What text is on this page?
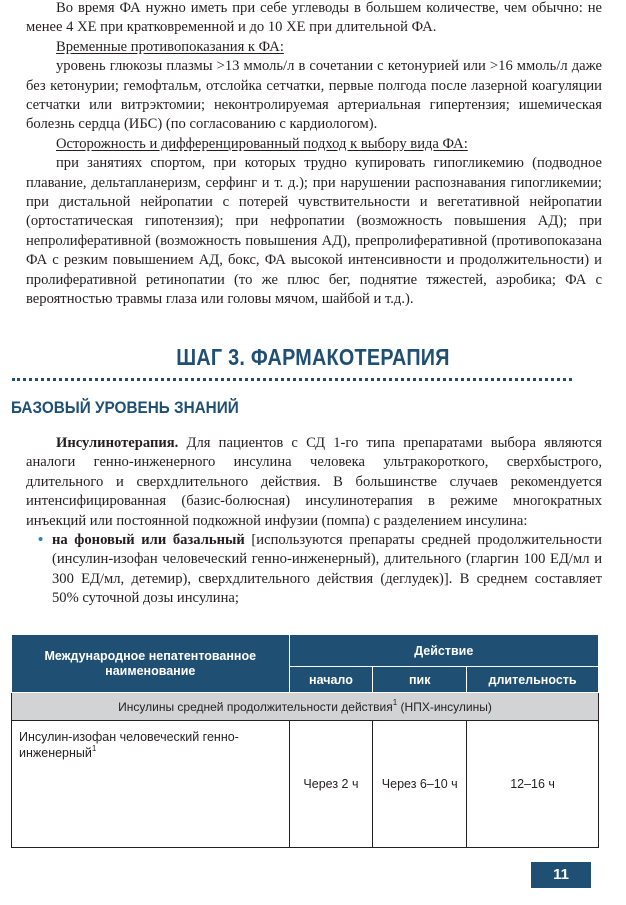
Во время ФА нужно иметь при себе углеводы в большем количестве, чем обычно: не менее 4 ХЕ при кратковременной и до 10 ХЕ при длительной ФА.

Временные противопоказания к ФА:

уровень глюкозы плазмы >13 ммоль/л в сочетании с кетонурией или >16 ммоль/л даже без кетонурии; гемофтальм, отслойка сетчатки, первые полгода после лазерной коагуляции сетчатки или витрэктомии; неконтролируемая артериальная гипертензия; ишемическая болезнь сердца (ИБС) (по согласованию с кардиологом).

Осторожность и дифференцированный подход к выбору вида ФА:

при занятиях спортом, при которых трудно купировать гипогликемию (подводное плавание, дельтапланеризм, серфинг и т. д.); при нарушении распознавания гипогликемии; при дистальной нейропатии с потерей чувствительности и вегетативной нейропатии (ортостатическая гипотензия); при нефропатии (возможность повышения АД); при непролиферативной (возможность повышения АД), препролиферативной (противопоказана ФА с резким повышением АД, бокс, ФА высокой интенсивности и продолжительности) и пролиферативной ретинопатии (то же плюс бег, поднятие тяжестей, аэробика; ФА с вероятностью травмы глаза или головы мячом, шайбой и т.д.).

ШАГ 3. ФАРМАКОТЕРАПИЯ
БАЗОВЫЙ УРОВЕНЬ ЗНАНИЙ

Инсулинотерапия. Для пациентов с СД 1-го типа препаратами выбора являются аналоги генно-инженерного инсулина человека ультракороткого, сверхбыстрого, длительного и сверхдлительного действия. В большинстве случаев рекомендуется интенсифицированная (базис-болюсная) инсулинотерапия в режиме многократных инъекций или постоянной подкожной инфузии (помпа) с разделением инсулина:

• на фоновый или базальный [используются препараты средней продолжительности (инсулин-изофан человеческий генно-инженерный), длительного (гларгин 100 ЕД/мл и 300 ЕД/мл, детемир), сверхдлительного действия (деглудек)]. В среднем составляет 50% суточной дозы инсулина;

Международное непатентованное наименование	Действие		
	начало	пик	длительность
Инсулины средней продолжительности действия$^1$ (НПХ-инсулины)			
Инсулин-изофан человеческий генно-инженерный$^1$	Через 2 ч	Через 6–10 ч	12–16 ч
11
